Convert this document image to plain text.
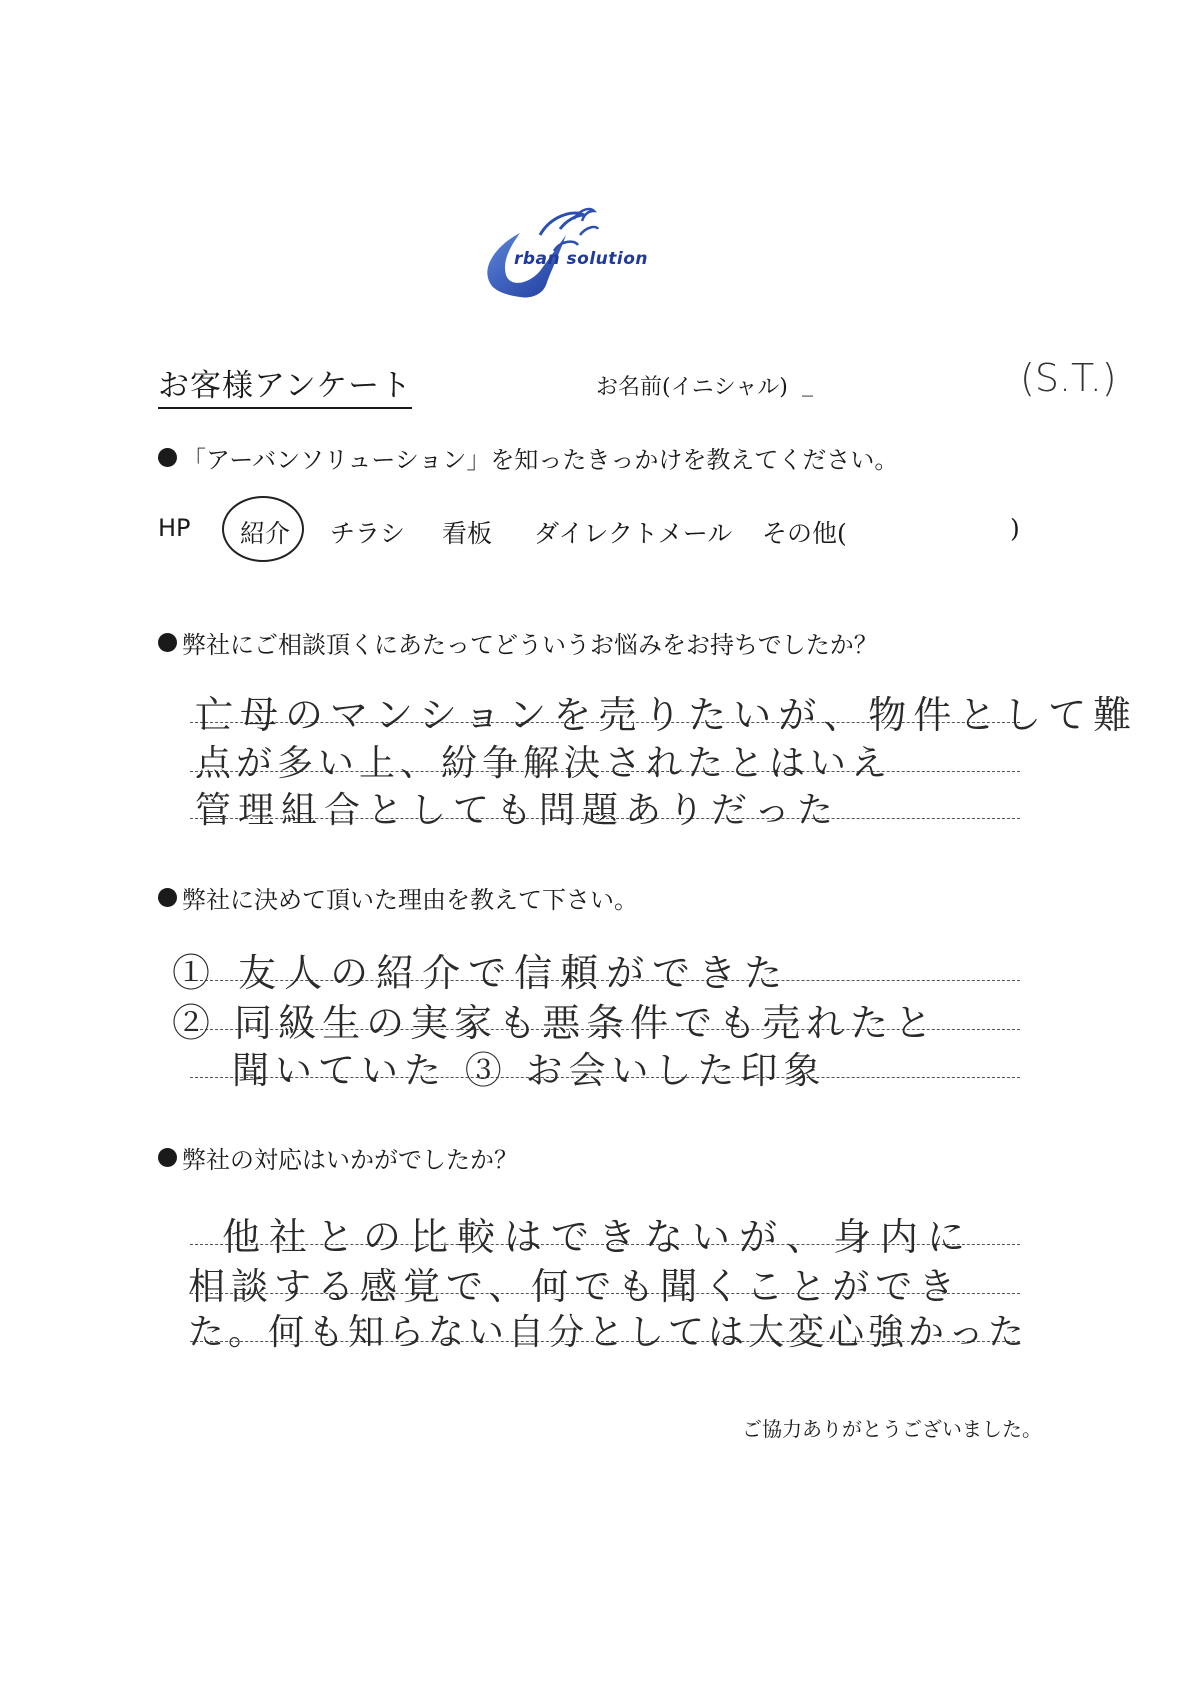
rban solution
お客様アンケート	お名前(イニシャル) _	(S.T.)
「アーバンソリューション」を知ったきっかけを教えてください。
HP 紹介 チラシ 看板 ダイレクトメール その他(	)
弊社にご相談頂くにあたってどういうお悩みをお持ちでしたか？
亡母のマンションを売りたいが、物件として難
点が多い上、紛争解決されたとはいえ
管理組合としても問題ありだった
弊社に決めて頂いた理由を教えて下さい。
① 友人の紹介で信頼ができた
② 同級生の実家も悪条件でも売れたと
聞いていた ③ お会いした印象
弊社の対応はいかがでしたか？
他社との比較はできないが、身内に
相談する感覚で、何でも聞くことができ
た。何も知らない自分としては大変心強かった
ご協力ありがとうございました。
